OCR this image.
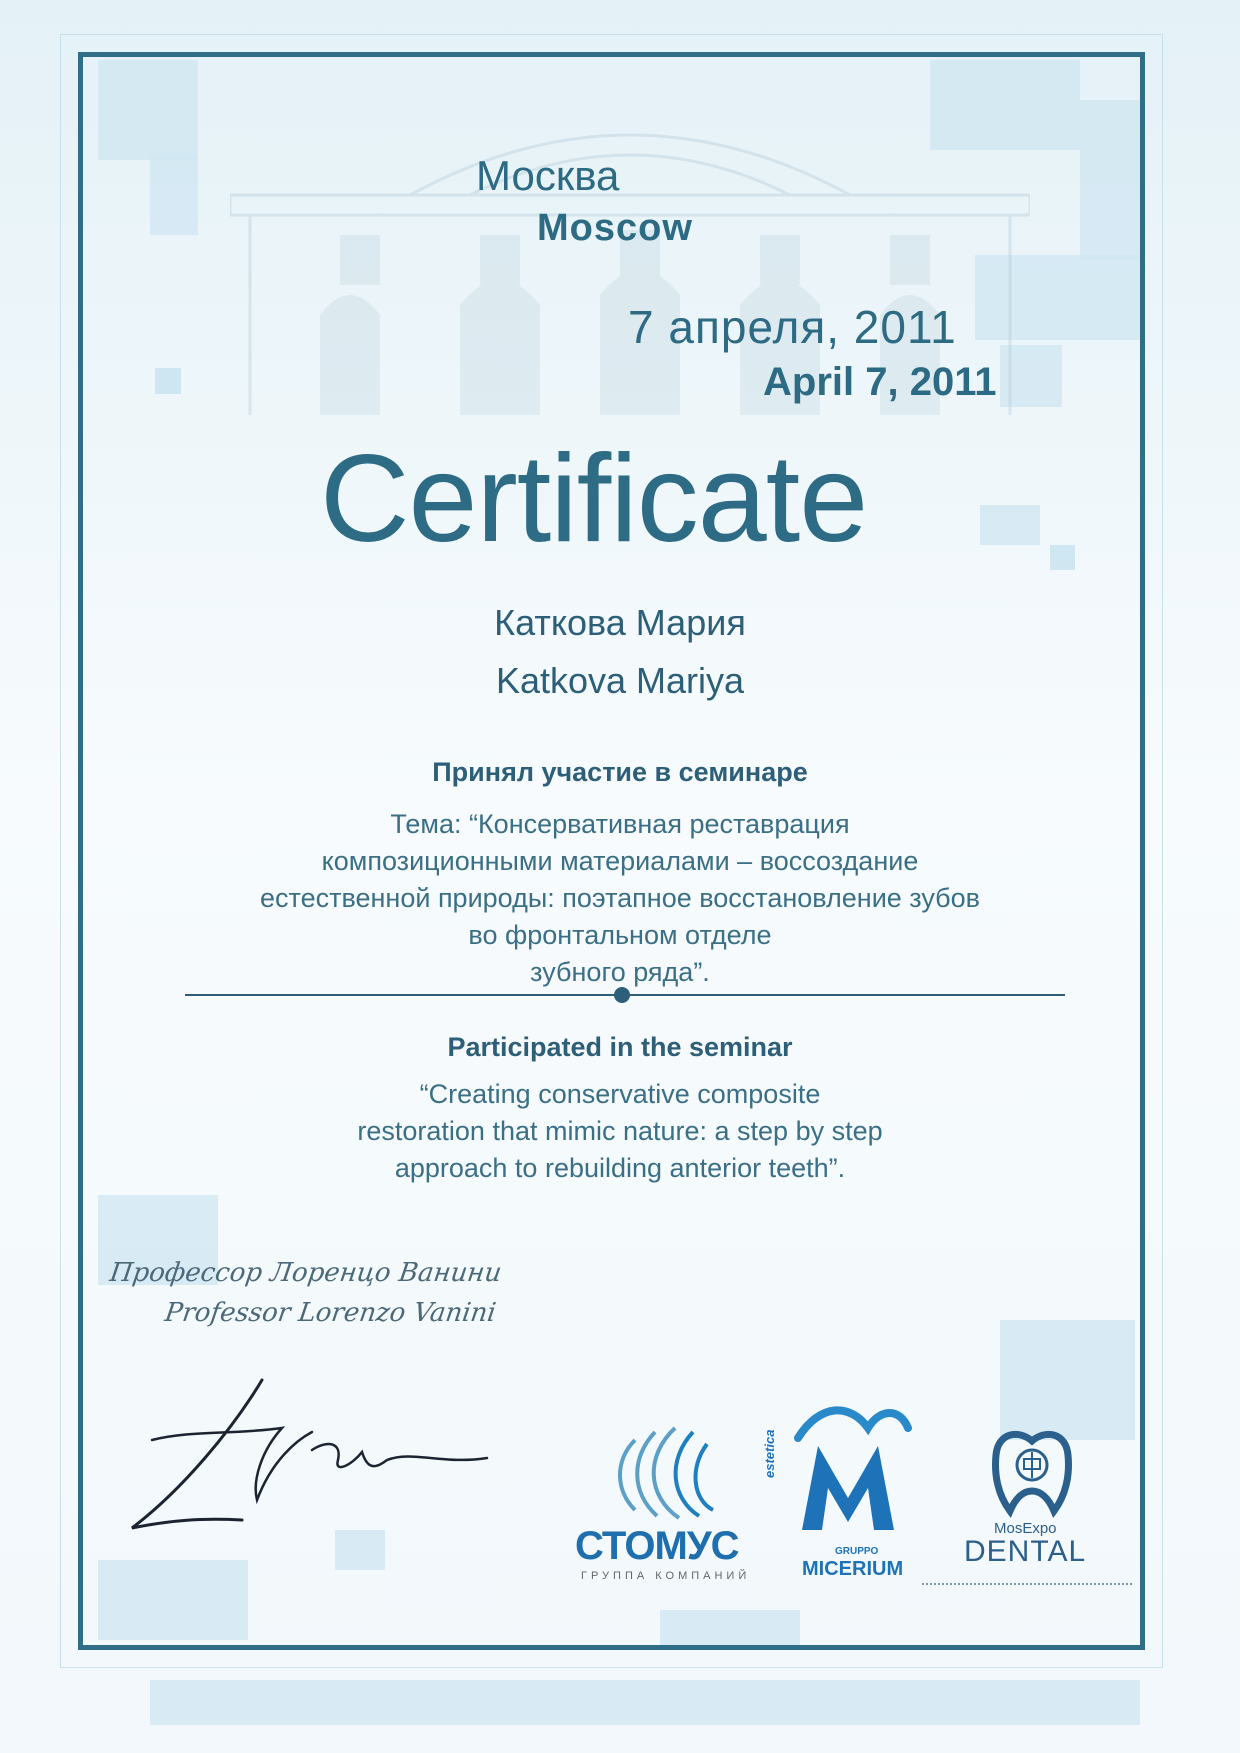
Москва
Moscow
7 апреля, 2011
April 7, 2011
Certificate
Каткова Мария
Katkova Mariya
Принял участие в семинаре
Тема: “Консервативная реставрация
композиционными материалами – воссоздание
естественной природы: поэтапное восстановление зубов
во фронтальном отделе
зубного ряда”.
Participated in the seminar
“Creating conservative composite
restoration that mimic nature: a step by step
approach to rebuilding anterior teeth”.
Профессор Лоренцо Ванини
Professor Lorenzo Vanini
СТОМУС
ГРУППА КОМПАНИЙ
estetica
GRUPPO
MICERIUM
MosExpo
DENTAL
